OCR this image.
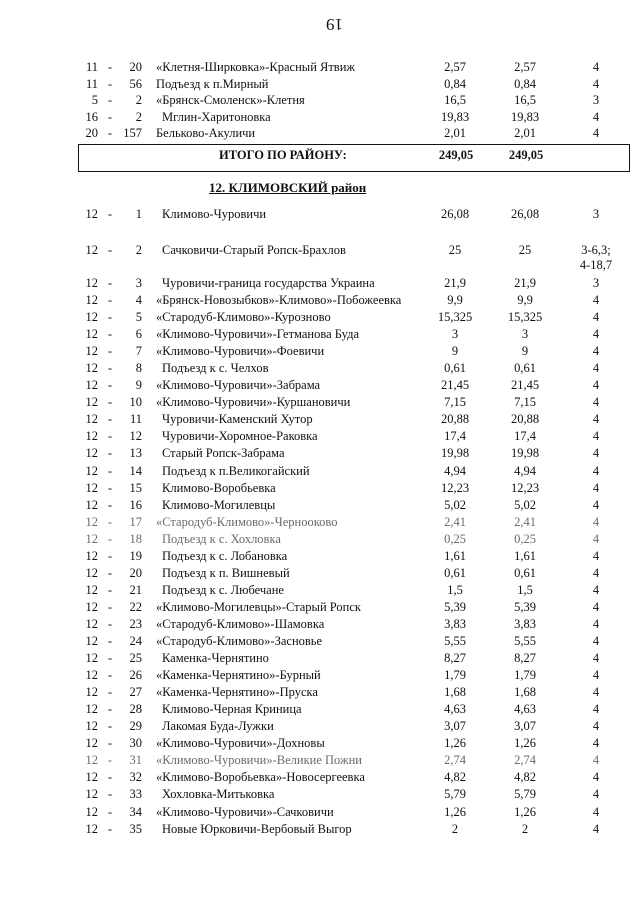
19
11 -	20 «Клетня-Ширковка»-Красный Ятвиж	2,57	2,57	4
11 -	56 Подъезд к п.Мирный	0,84	0,84	4
5 -	2 «Брянск-Смоленск»-Клетня	16,5	16,5	3
16 -	2 Мглин-Харитоновка	19,83	19,83	4
20 - 157 Бельково-Акуличи	2,01	2,01	4
ИТОГО ПО РАЙОНУ:	249,05	249,05
12. КЛИМОВСКИЙ район
12 -	1 Климово-Чуровичи	26,08	26,08	3
12 -	2 Сачковичи-Старый Ропск-Брахлов	25	25	3-6,3;
4-18,7
12 -	3 Чуровичи-граница государства Украина	21,9	21,9	3
12 -	4 «Брянск-Новозыбков»-Климово»-Побожеевка	9,9	9,9	4
12 -	5 «Стародуб-Климово»-Курозново	15,325	15,325	4
12 -	6 «Климово-Чуровичи»-Гетманова Буда	3	3	4
12 -	7 «Климово-Чуровичи»-Фоевичи	9	9	4
12 -	8 Подъезд к с. Челхов	0,61	0,61	4
12 -	9 «Климово-Чуровичи»-Забрама	21,45	21,45	4
12 -	10 «Климово-Чуровичи»-Куршановичи	7,15	7,15	4
12 -	11 Чуровичи-Каменский Хутор	20,88	20,88	4
12 -	12 Чуровичи-Хоромное-Раковка	17,4	17,4	4
12 -	13 Старый Ропск-Забрама	19,98	19,98	4
12 -	14 Подъезд к п.Великогайский	4,94	4,94	4
12 -	15 Климово-Воробьевка	12,23	12,23	4
12 -	16 Климово-Могилевцы	5,02	5,02	4
12 -	17 «Стародуб-Климово»-Чернооково	2,41	2,41	4
12 -	18 Подъезд к с. Хохловка	0,25	0,25	4
12 -	19 Подъезд к с. Лобановка	1,61	1,61	4
12 -	20 Подъезд к п. Вишневый	0,61	0,61	4
12 -	21 Подъезд к с. Любечане	1,5	1,5	4
12 -	22 «Климово-Могилевцы»-Старый Ропск	5,39	5,39	4
12 -	23 «Стародуб-Климово»-Шамовка	3,83	3,83	4
12 -	24 «Стародуб-Климово»-Засновье	5,55	5,55	4
12 -	25 Каменка-Чернятино	8,27	8,27	4
12 -	26 «Каменка-Чернятино»-Бурный	1,79	1,79	4
12 -	27 «Каменка-Чернятино»-Пруска	1,68	1,68	4
12 -	28 Климово-Черная Криница	4,63	4,63	4
12 -	29 Лакомая Буда-Лужки	3,07	3,07	4
12 -	30 «Климово-Чуровичи»-Дохновы	1,26	1,26	4
12 -	31 «Климово-Чуровичи»-Великие Пожни	2,74	2,74	4
12 -	32 «Климово-Воробьевка»-Новосергеевка	4,82	4,82	4
12 -	33 Хохловка-Митьковка	5,79	5,79	4
12 -	34 «Климово-Чуровичи»-Сачковичи	1,26	1,26	4
12 -	35 Новые Юрковичи-Вербовый Выгор	2	2	4
